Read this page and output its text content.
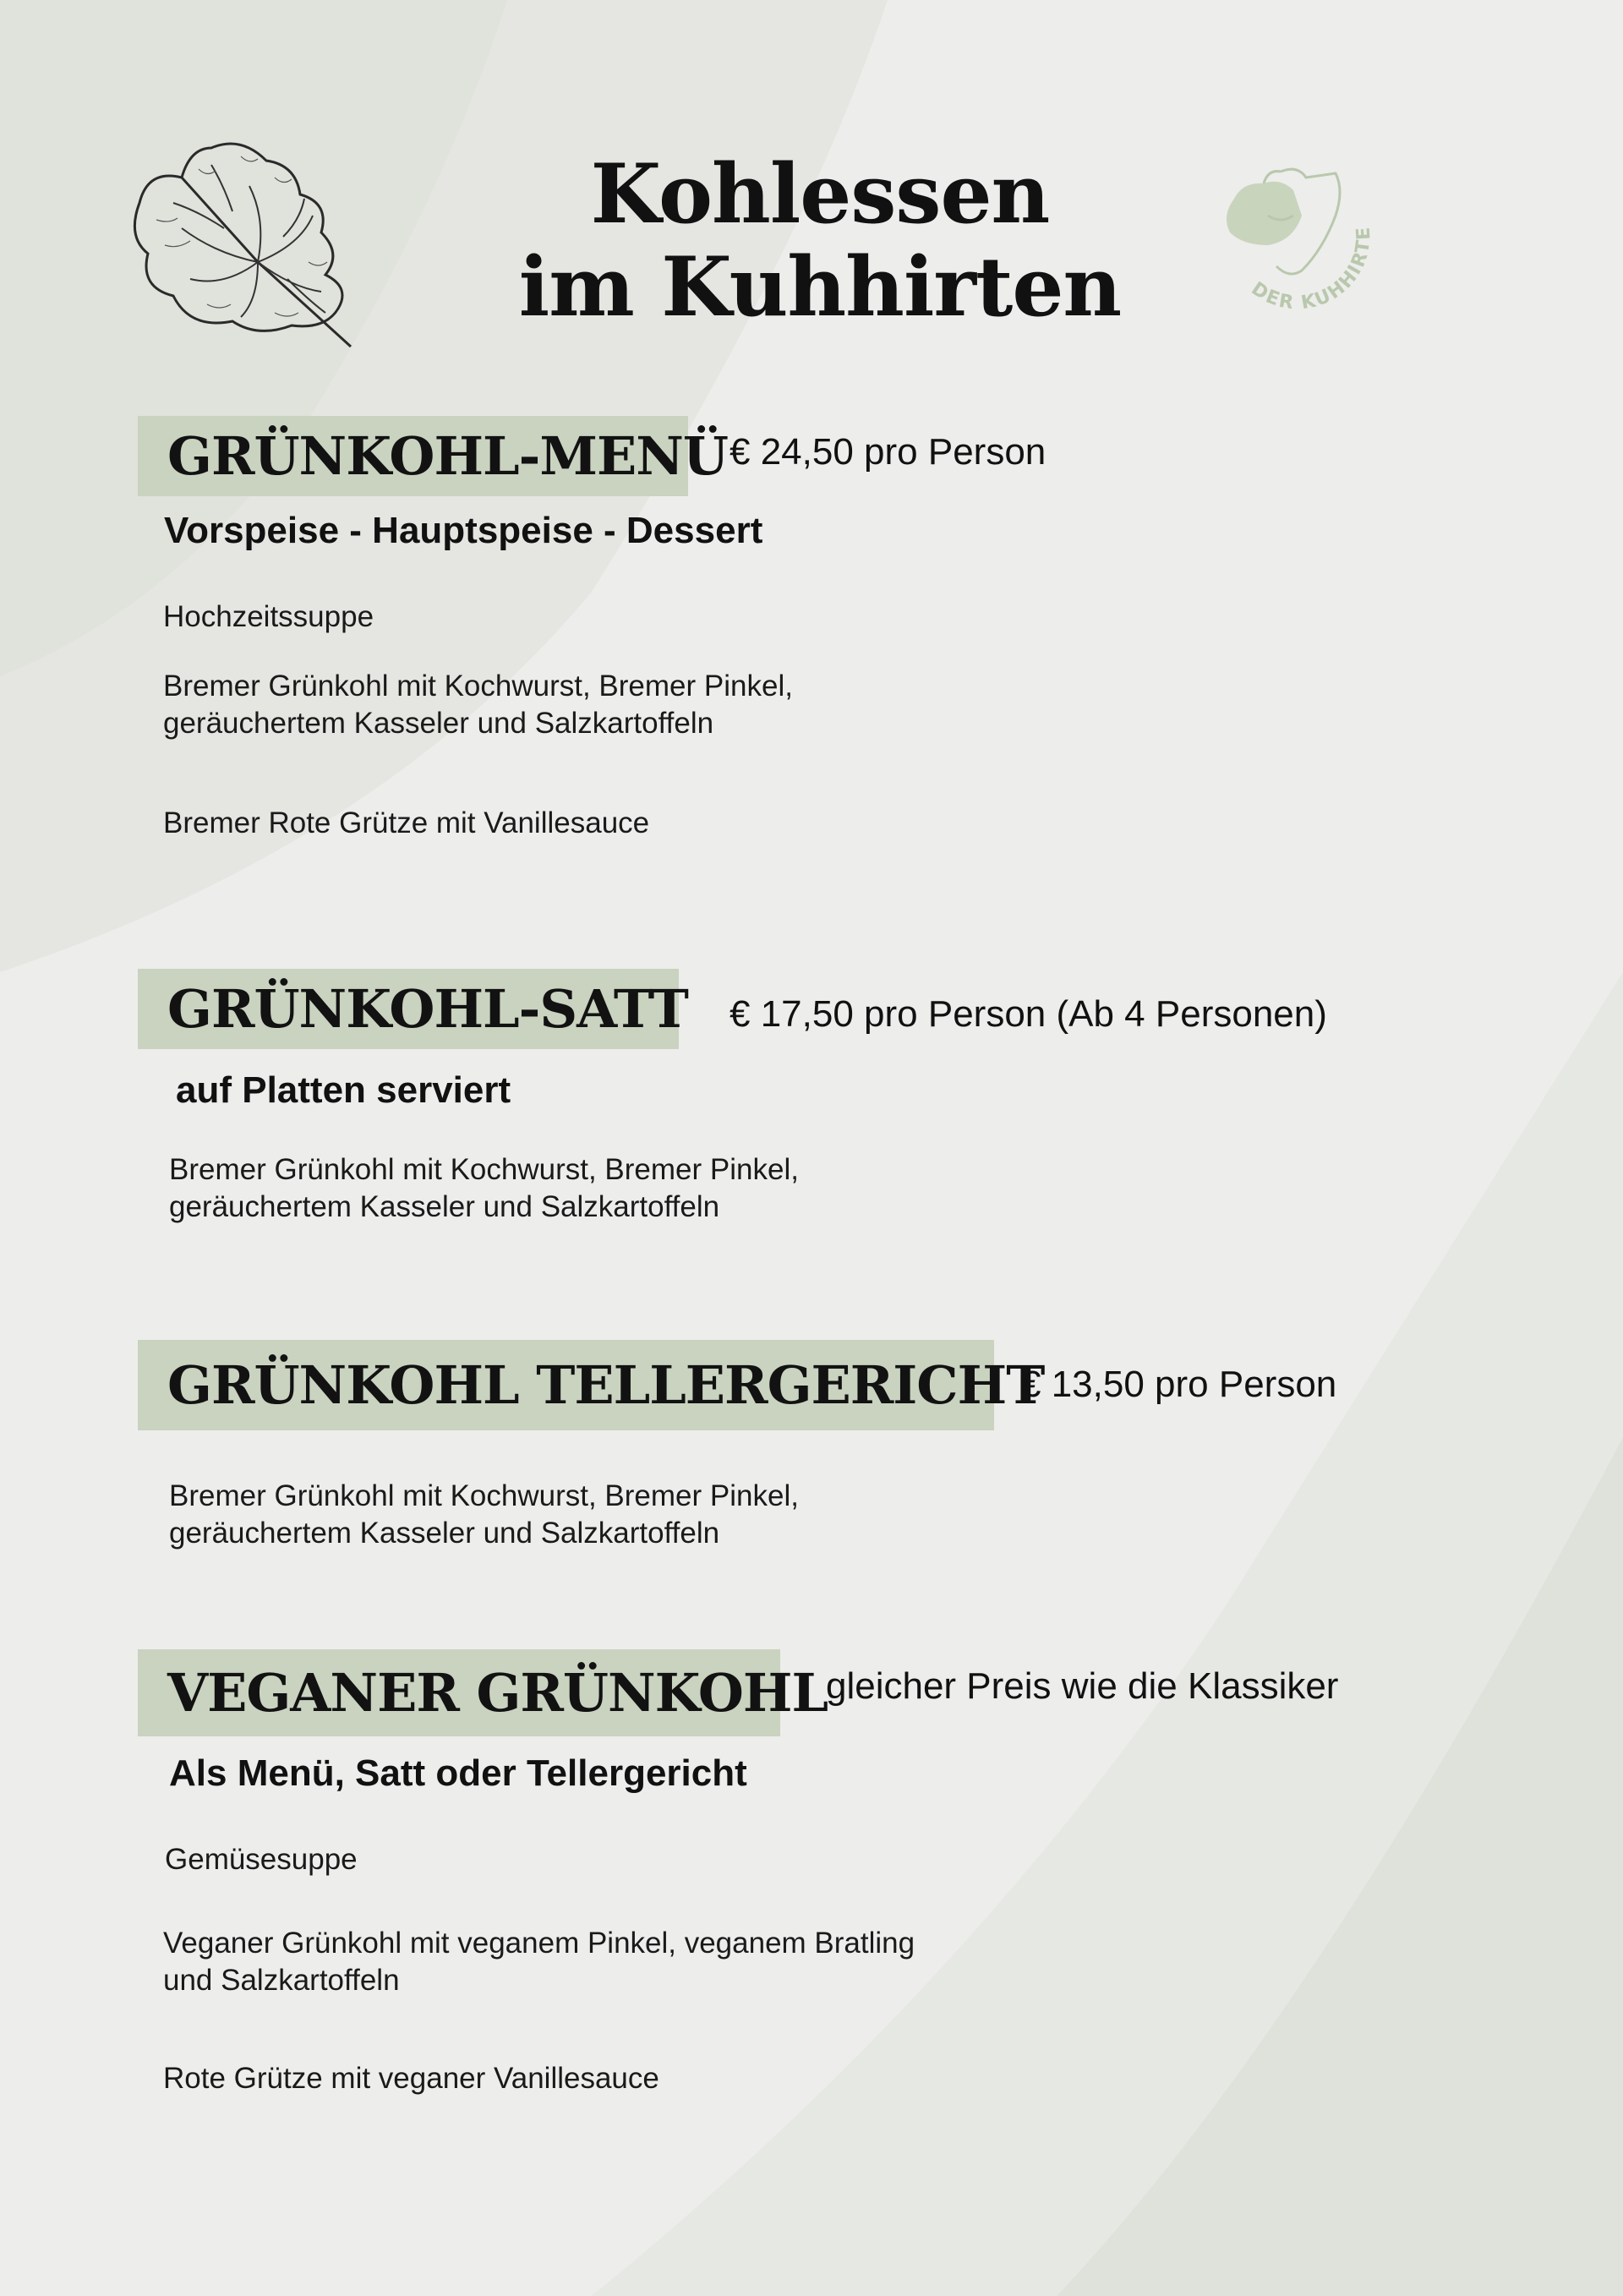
Kohlessen
im Kuhhirten	DER KUHHIRTE
GRÜNKOHL-MENÜ € 24,50 pro Person
Vorspeise - Hauptspeise - Dessert
Hochzeitssuppe
Bremer Grünkohl mit Kochwurst, Bremer Pinkel,
geräuchertem Kasseler und Salzkartoffeln
Bremer Rote Grütze mit Vanillesauce
GRÜNKOHL-SATT € 17,50 pro Person (Ab 4 Personen)
auf Platten serviert
Bremer Grünkohl mit Kochwurst, Bremer Pinkel,
geräuchertem Kasseler und Salzkartoffeln
GRÜNKOHL TELLERGERICHT
€ 13,50 pro Person
Bremer Grünkohl mit Kochwurst, Bremer Pinkel,
geräuchertem Kasseler und Salzkartoffeln
VEGANER GRÜNKOHL
gleicher Preis wie die Klassiker
Als Menü, Satt oder Tellergericht
Gemüsesuppe
Veganer Grünkohl mit veganem Pinkel, veganem Bratling
und Salzkartoffeln
Rote Grütze mit veganer Vanillesauce
